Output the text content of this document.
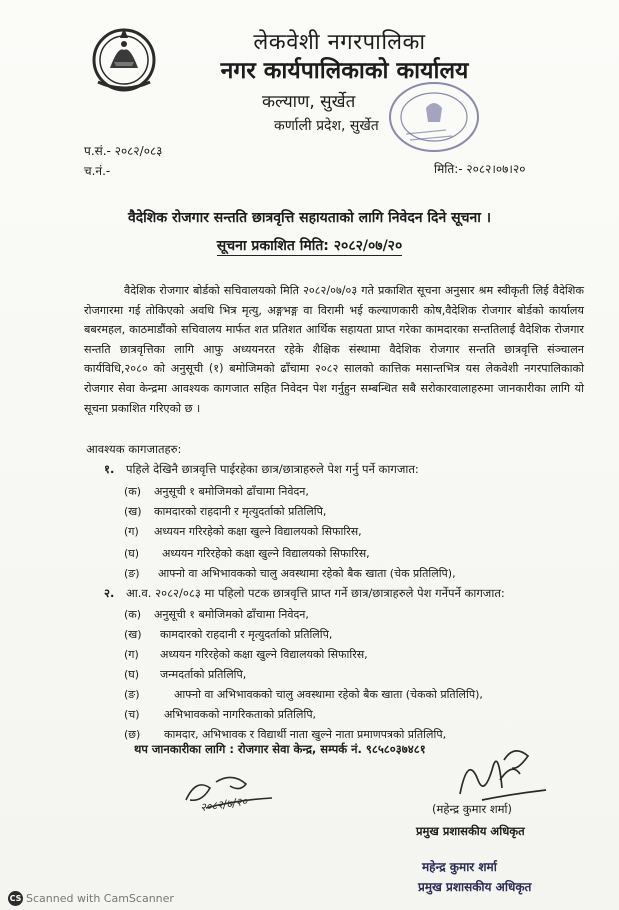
लेकवेशी नगरपालिका
नगर कार्यपालिकाको कार्यालय
कल्याण, सुर्खेत
कर्णाली प्रदेश, सुर्खेत
प.सं.- २०८२/०८३
च.नं.-	मिति:- २०८२।०७।२०
वैदेशिक रोजगार सन्तति छात्रवृत्ति सहायताको लागि निवेदन दिने सूचना ।
सूचना प्रकाशित मिति: २०८२/०७/२०
वैदेशिक रोजगार बोर्डको सचिवालयको मिति २०८२/०७/०३ गते प्रकाशित सूचना अनुसार श्रम स्वीकृती लिई वैदेशिक रोजगारमा गई तोकिएको अवधि भित्र मृत्यु, अङ्गभङ्ग वा विरामी भई कल्याणकारी कोष,वैदेशिक रोजगार बोर्डको कार्यालय बबरमहल, काठमाडौंको सचिवालय मार्फत शत प्रतिशत आर्थिक सहायता प्राप्त गरेका कामदारका सन्ततिलाई वैदेशिक रोजगार सन्तति छात्रवृत्तिका लागि आफु अध्ययनरत रहेके शैक्षिक संस्थामा वैदेशिक रोजगार सन्तति छात्रवृत्ति संञ्चालन कार्यविधि,२०८० को अनुसूची (१) बमोजिमको ढाँचामा २०८२ सालको कात्तिक मसान्तभित्र यस लेकवेशी नगरपालिकाको रोजगार सेवा केन्द्रमा आवश्यक कागजात सहित निवेदन पेश गर्नुहुन सम्बन्धित सबै सरोकारवालाहरुमा जानकारीका लागि यो सूचना प्रकाशित गरिएको छ ।
आवश्यक कागजातहरु:
१. पहिले देखिनै छात्रवृत्ति पाईरहेका छात्र/छात्राहरुले पेश गर्नु पर्ने कागजात:
(क) अनुसूची १ बमोजिमको ढाँचामा निवेदन,
(ख) कामदारको राहदानी र मृत्युदर्ताको प्रतिलिपि,
(ग) अध्ययन गरिरहेको कक्षा खुल्ने विद्यालयको सिफारिस,
(घ) अध्ययन गरिरहेको कक्षा खुल्ने विद्यालयको सिफारिस,
(ङ) आफ्नो वा अभिभावकको चालु अवस्थामा रहेको बैक खाता (चेक प्रतिलिपि),
२. आ.व. २०८२/०८३ मा पहिलो पटक छात्रवृत्ति प्राप्त गर्ने छात्र/छात्राहरुले पेश गर्नेपर्ने कागजात:
(क) अनुसूची १ बमोजिमको ढाँचामा निवेदन,
(ख) कामदारको राहदानी र मृत्युदर्ताको प्रतिलिपि,
(ग) अध्ययन गरिरहेको कक्षा खुल्ने विद्यालयको सिफारिस,
(घ) जन्मदर्ताको प्रतिलिपि,
(ङ)	आफ्नो वा अभिभावकको चालु अवस्थामा रहेको बैक खाता (चेकको प्रतिलिपि),
(च) अभिभावकको नागरिकताको प्रतिलिपि,
(छ) कामदार, अभिभावक र विद्यार्थी नाता खुल्ने नाता प्रमाणपत्रको प्रतिलिपि,
थप जानकारीका लागि : रोजगार सेवा केन्द्र, सम्पर्क नं. ९८५८०३७४८१
२०८२/७/२०	(महेन्द्र कुमार शर्मा)
प्रमुख प्रशासकीय अधिकृत
महेन्द्र कुमार शर्मा
प्रमुख प्रशासकीय अधिकृत
CS Scanned with CamScanner
